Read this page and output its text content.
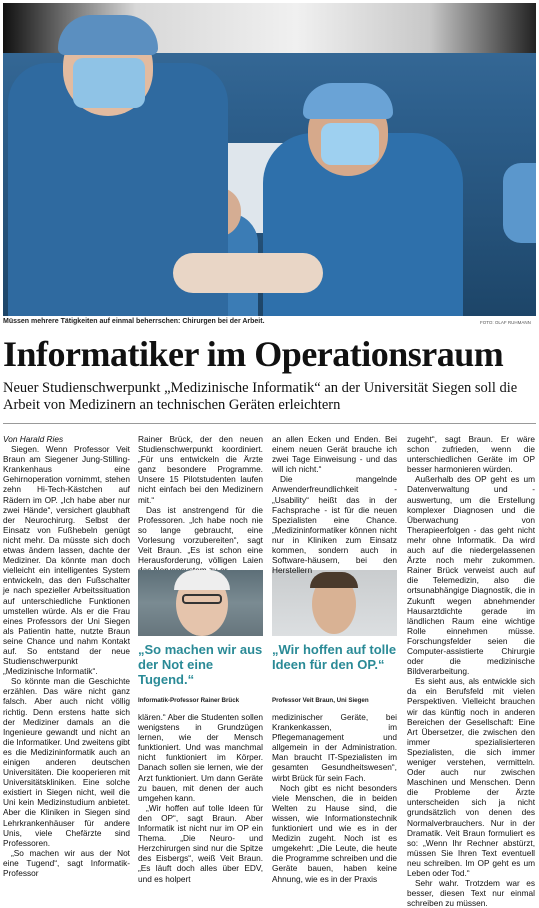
Müssen mehrere Tätigkeiten auf einmal beherrschen: Chirurgen bei der Arbeit.	FOTO: OLAF RUHMANN
Informatiker im Operationsraum
Neuer Studienschwerpunkt „Medizinische Informatik“ an der Universität Siegen soll die Arbeit von Medizinern an technischen Geräten erleichtern

Von Harald Ries

Siegen. Wenn Professor Veit Braun am Siegener Jung-Stilling-Krankenhaus eine Gehirnoperation vornimmt, stehen zehn Hi-Tech-Kästchen auf Rädern im OP. „Ich habe aber nur zwei Hände“, versichert glaubhaft der Neurochirurg. Selbst der Einsatz von Fußhebeln genügt nicht mehr. Da müsste sich doch etwas ändern lassen, dachte der Mediziner. Da könnte man doch vielleicht ein intelligentes System entwickeln, das den Fußschalter je nach spezieller Arbeitssituation auf unterschiedliche Funktionen umstellen würde. Als er die Frau eines Professors der Uni Siegen als Patientin hatte, nutzte Braun seine Chance und nahm Kontakt auf. So entstand der neue Studienschwerpunkt „Medizinische Informatik“.

So könnte man die Geschichte erzählen. Das wäre nicht ganz falsch. Aber auch nicht völlig richtig. Denn erstens hatte sich der Mediziner damals an die Ingenieure gewandt und nicht an die Informatiker. Und zweitens gibt es die Medizininformatik auch an einigen anderen deutschen Universitäten. Die kooperieren mit Universitätskliniken. Eine solche existiert in Siegen nicht, weil die Uni kein Medizinstudium anbietet. Aber die Kliniken in Siegen sind Lehrkrankenhäuser für andere Unis, viele Chefärzte sind Professoren.

„So machen wir aus der Not eine Tugend“, sagt Informatik-Professor

Rainer Brück, der den neuen Studienschwerpunkt koordiniert. „Für uns entwickeln die Ärzte ganz besondere Programme. Unsere 15 Pilotstudenten laufen nicht einfach bei den Medizinern mit.“

Das ist anstrengend für die Professoren. „Ich habe noch nie so lange gebraucht, eine Vorlesung vorzubereiten“, sagt Veit Braun. „Es ist schon eine Herausforderung, völligen Laien

„So machen wir aus der Not eine Tugend.“
„Wir hoffen auf tolle Ideen für den OP.“
Informatik-Professor Rainer Brück	Professor Veit Braun, Uni Siegen

klären.“ Aber die Studenten sollen wenigstens in Grundzügen lernen, wie der Mensch funktioniert. Und was manchmal nicht funktioniert im Körper. Danach sollen sie lernen, wie der Arzt funktioniert. Um dann Geräte zu bauen, mit denen der auch umgehen kann.

„Wir hoffen auf tolle Ideen für den OP“, sagt Braun. Aber Informatik ist nicht nur im OP ein Thema. „Die Neuro- und Herzchirurgen sind nur die Spitze des Eisbergs“, weiß Veit Braun. „Es läuft doch alles über EDV, und es holpert

an allen Ecken und Enden. Bei einem neuen Gerät brauche ich zwei Tage Einweisung - und das will ich nicht.“

Die mangelnde Anwenderfreundlichkeit - „Usability“ heißt das in der Fachsprache - ist für die neuen Spezialisten eine Chance. „Medizininformatiker können nicht nur in Kliniken zum Einsatz kommen, sondern auch in Software-häusern, bei den Herstellern

medizinischer Geräte, bei Krankenkassen, im Pflegemanagement und allgemein in der Administration. Man braucht IT-Spezialisten im gesamten Gesundheitswesen“, wirbt Brück für sein Fach.

Noch gibt es nicht besonders viele Menschen, die in beiden Welten zu Hause sind, die wissen, wie Informationstechnik funktioniert und wie es in der Medizin zugeht. Noch ist es umgekehrt: „Die Leute, die heute die Programme schreiben und die Geräte bauen, haben keine Ahnung, wie es in der Praxis

zugeht“, sagt Braun. Er wäre schon zufrieden, wenn die unterschiedlichen Geräte im OP besser harmonieren würden.

Außerhalb des OP geht es um Datenverwaltung und -auswertung, um die Erstellung komplexer Diagnosen und die Überwachung von Therapieerfolgen - das geht nicht mehr ohne Informatik. Da wird auch auf die niedergelassenen Ärzte noch mehr zukommen. Rainer Brück verweist auch auf die Telemedizin, also die ortsunabhängige Diagnostik, die in Zukunft wegen abnehmender Hausarztdichte gerade im ländlichen Raum eine wichtige Rolle einnehmen müsse. Forschungsfelder seien die Computer-assistierte Chirurgie oder die medizinische Bildverarbeitung.

Es sieht aus, als entwickle sich da ein Berufsfeld mit vielen Perspektiven. Vielleicht brauchen wir das künftig noch in anderen Bereichen der Gesellschaft: Eine Art Übersetzer, die zwischen den immer spezialisierteren Spezialisten, die sich immer weniger verstehen, vermitteln. Oder auch nur zwischen Maschinen und Menschen. Denn die Probleme der Ärzte unterscheiden sich ja nicht grundsätzlich von denen des Normalverbrauchers. Nur in der Dramatik. Veit Braun formuliert es so: „Wenn Ihr Rechner abstürzt, müssen Sie Ihren Text eventuell neu schreiben. Im OP geht es um Leben oder Tod.“

Sehr wahr. Trotzdem war es besser, diesen Text nur einmal schreiben zu müssen.
